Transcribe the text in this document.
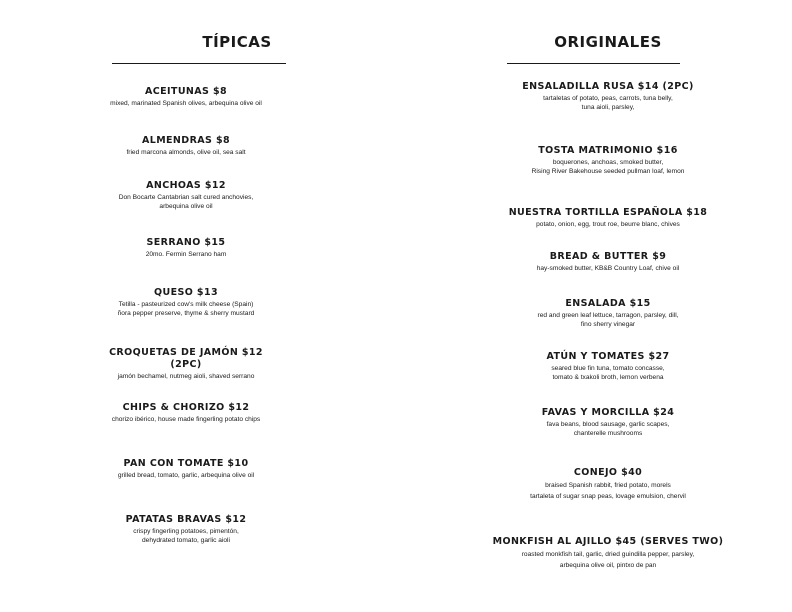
TÍPICAS
ACEITUNAS $8
mixed, marinated Spanish olives, arbequina olive oil
ALMENDRAS $8
fried marcona almonds, olive oil, sea salt
ANCHOAS $12
Don Bocarte Cantabrian salt cured anchovies,
arbequina olive oil
SERRANO $15
20mo. Fermin Serrano ham
QUESO $13
Tetilla - pasteurized cow's milk cheese (Spain)
ñora pepper preserve, thyme & sherry mustard
CROQUETAS DE JAMÓN $12 (2PC)
jamón bechamel, nutmeg aioli, shaved serrano
CHIPS & CHORIZO $12
chorizo ibérico, house made fingerling potato chips
PAN CON TOMATE $10
grilled bread, tomato, garlic, arbequina olive oil
PATATAS BRAVAS $12
crispy fingerling potatoes, pimentón,
dehydrated tomato, garlic aioli
ORIGINALES
ENSALADILLA RUSA $14 (2PC)
tartaletas of potato, peas, carrots, tuna belly,
tuna aioli, parsley,
TOSTA MATRIMONIO $16
boquerones, anchoas, smoked butter,
Rising River Bakehouse seeded pullman loaf, lemon
NUESTRA TORTILLA ESPAÑOLA $18
potato, onion, egg, trout roe, beurre blanc, chives
BREAD & BUTTER $9
hay-smoked butter, KB&B Country Loaf, chive oil
ENSALADA $15
red and green leaf lettuce, tarragon, parsley, dill,
fino sherry vinegar
ATÚN Y TOMATES $27
seared blue fin tuna, tomato concasse,
tomato & txakoli broth, lemon verbena
FAVAS Y MORCILLA $24
fava beans, blood sausage, garlic scapes,
chanterelle mushrooms
CONEJO $40
braised Spanish rabbit, fried potato, morels
tartaleta of sugar snap peas, lovage emulsion, chervil
MONKFISH AL AJILLO $45 (SERVES TWO)
roasted monkfish tail, garlic, dried guindilla pepper, parsley,
arbequina olive oil, pintxo de pan
